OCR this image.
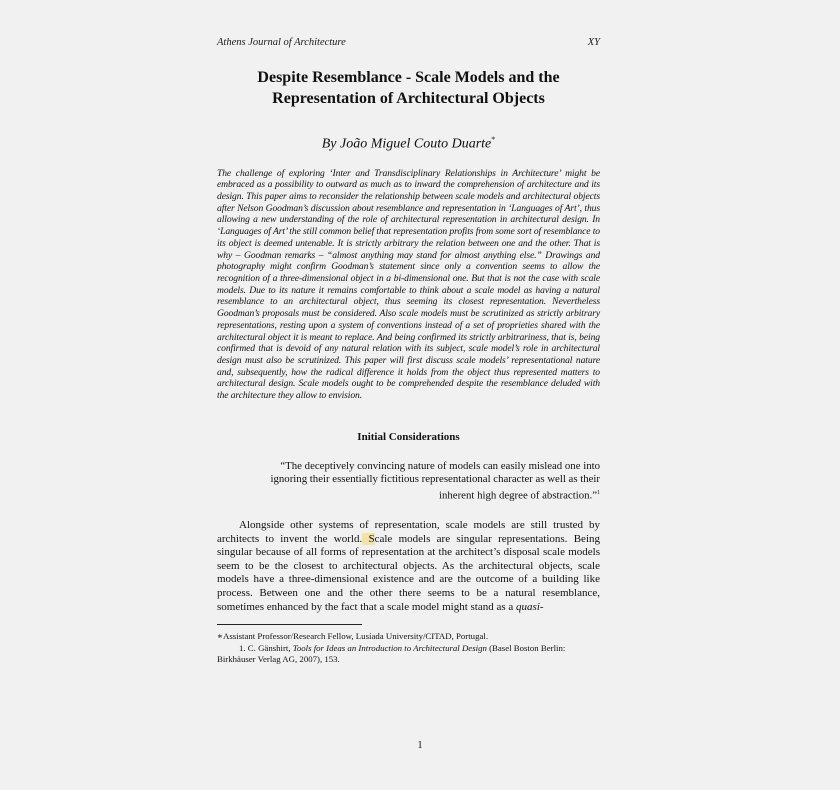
Athens Journal of Architecture	XY
Despite Resemblance - Scale Models and the Representation of Architectural Objects
By João Miguel Couto Duarte*
The challenge of exploring ‘Inter and Transdisciplinary Relationships in Architecture’ might be embraced as a possibility to outward as much as to inward the comprehension of architecture and its design. This paper aims to reconsider the relationship between scale models and architectural objects after Nelson Goodman’s discussion about resemblance and representation in ‘Languages of Art’, thus allowing a new understanding of the role of architectural representation in architectural design. In ‘Languages of Art’ the still common belief that representation profits from some sort of resemblance to its object is deemed untenable. It is strictly arbitrary the relation between one and the other. That is why – Goodman remarks – “almost anything may stand for almost anything else.” Drawings and photography might confirm Goodman’s statement since only a convention seems to allow the recognition of a three-dimensional object in a bi-dimensional one. But that is not the case with scale models. Due to its nature it remains comfortable to think about a scale model as having a natural resemblance to an architectural object, thus seeming its closest representation. Nevertheless Goodman’s proposals must be considered. Also scale models must be scrutinized as strictly arbitrary representations, resting upon a system of conventions instead of a set of proprieties shared with the architectural object it is meant to replace. And being confirmed its strictly arbitrariness, that is, being confirmed that is devoid of any natural relation with its subject, scale model’s role in architectural design must also be scrutinized. This paper will first discuss scale models’ representational nature and, subsequently, how the radical difference it holds from the object thus represented matters to architectural design. Scale models ought to be comprehended despite the resemblance deluded with the architecture they allow to envision.
Initial Considerations
“The deceptively convincing nature of models can easily mislead one into
ignoring their essentially fictitious representational character as well as their
inherent high degree of abstraction.”$^1$
Alongside other systems of representation, scale models are still trusted by architects to invent the world. Scale models are singular representations. Being singular because of all forms of representation at the architect’s disposal scale models seem to be the closest to architectural objects. As the architectural objects, scale models have a three-dimensional existence and are the outcome of a building like process. Between one and the other there seems to be a natural resemblance, sometimes enhanced by the fact that a scale model might stand as a quasi-
∗Assistant Professor/Research Fellow, Lusíada University/CITAD, Portugal.
1. C. Gänshirt, Tools for Ideas an Introduction to Architectural Design (Basel Boston Berlin: Birkhäuser Verlag AG, 2007), 153.
1
